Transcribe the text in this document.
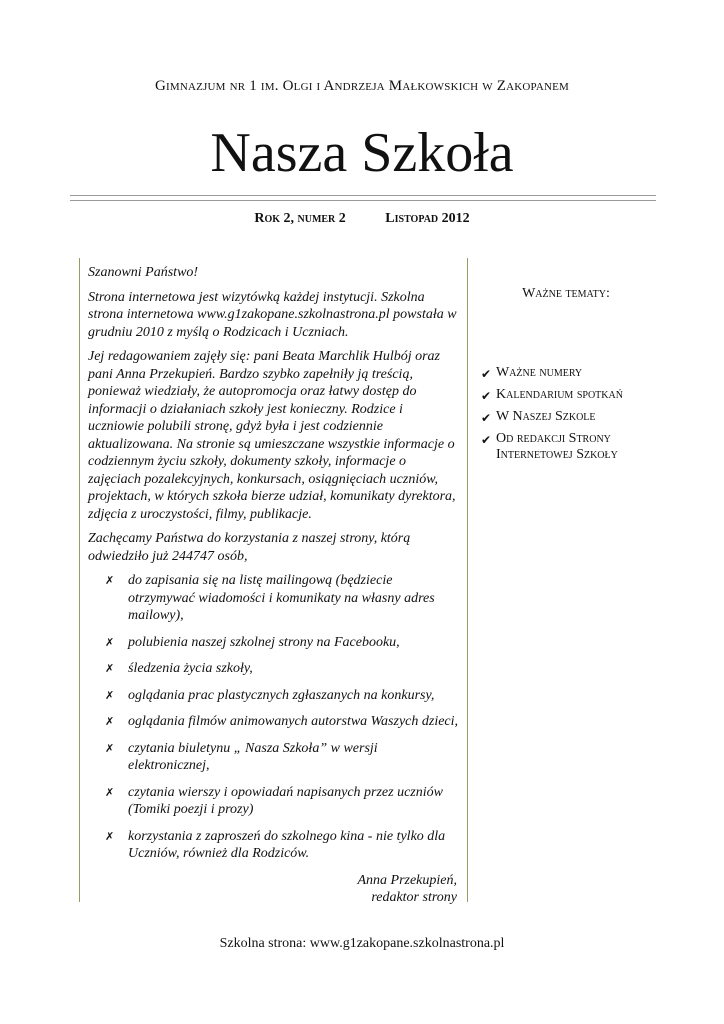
Gimnazjum nr 1 im. Olgi i Andrzeja Małkowskich w Zakopanem
Nasza Szkoła
Rok 2, numer 2	Listopad 2012

Szanowni Państwo!

Strona internetowa jest wizytówką każdej instytucji. Szkolna strona internetowa www.g1zakopane.szkolnastrona.pl powstała w grudniu 2010 z myślą o Rodzicach i Uczniach.

Jej redagowaniem zajęły się: pani Beata Marchlik Hulbój oraz pani Anna Przekupień. Bardzo szybko zapełniły ją treścią, ponieważ wiedziały, że autopromocja oraz łatwy dostęp do informacji o działaniach szkoły jest konieczny. Rodzice i uczniowie polubili stronę, gdyż była i jest codziennie aktualizowana. Na stronie są umieszczane wszystkie informacje o codziennym życiu szkoły, dokumenty szkoły, informacje o zajęciach pozalekcyjnych, konkursach, osiągnięciach uczniów, projektach, w których szkoła bierze udział, komunikaty dyrektora, zdjęcia z uroczystości, filmy, publikacje.

Zachęcamy Państwa do korzystania z naszej strony, którą odwiedziło już 244747 osób,

✗ do zapisania się na listę mailingową (będziecie otrzymywać wiadomości i komunikaty na własny adres mailowy),
✗ polubienia naszej szkolnej strony na Facebooku,
✗ śledzenia życia szkoły,
✗ oglądania prac plastycznych zgłaszanych na konkursy,
✗ oglądania filmów animowanych autorstwa Waszych dzieci,
✗ czytania biuletynu „ Nasza Szkoła” w wersji elektronicznej,
✗ czytania wierszy i opowiadań napisanych przez uczniów (Tomiki poezji i prozy)
✗ korzystania z zaproszeń do szkolnego kina - nie tylko dla Uczniów, również dla Rodziców.
Anna Przekupień,
redaktor strony
Ważne tematy:
✔ Ważne numery
✔ Kalendarium spotkań
✔ W Naszej Szkole
✔ Od redakcji Strony Internetowej Szkoły
Szkolna strona: www.g1zakopane.szkolnastrona.pl
